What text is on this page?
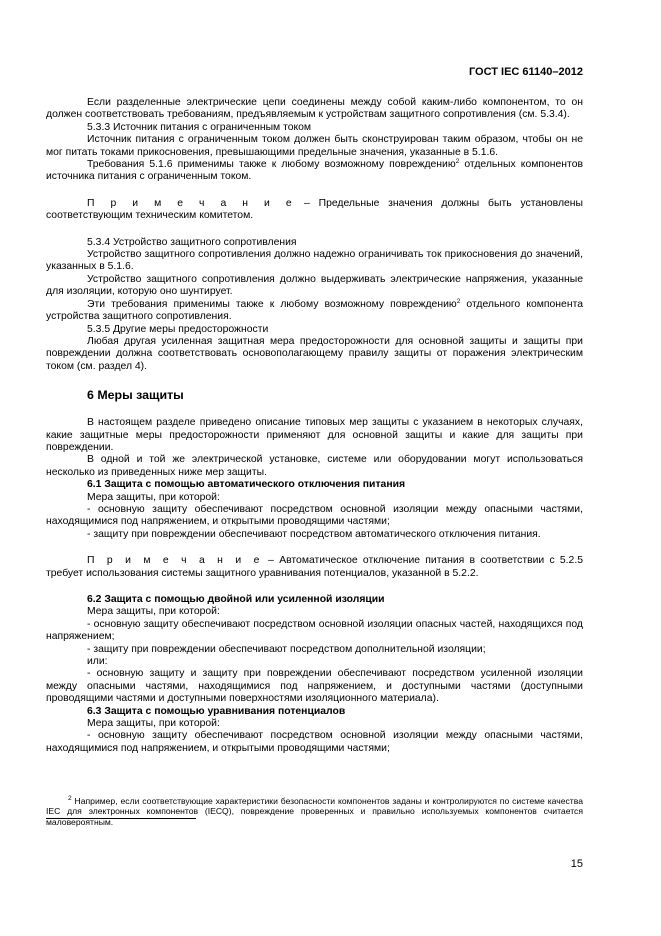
ГОСТ IEC 61140–2012

Если разделенные электрические цепи соединены между собой каким-либо компонентом, то он должен соответствовать требованиям, предъявляемым к устройствам защитного сопротивления (см. 5.3.4).

5.3.3 Источник питания с ограниченным током

Источник питания с ограниченным током должен быть сконструирован таким образом, чтобы он не мог питать токами прикосновения, превышающими предельные значения, указанные в 5.1.6.

Требования 5.1.6 применимы также к любому возможному повреждению$^2$ отдельных компонентов источника питания с ограниченным током.

П р и м е ч а н и е – Предельные значения должны быть установлены соответствующим техническим комитетом.

5.3.4 Устройство защитного сопротивления

Устройство защитного сопротивления должно надежно ограничивать ток прикосновения до значений, указанных в 5.1.6.

Устройство защитного сопротивления должно выдерживать электрические напряжения, указанные для изоляции, которую оно шунтирует.

Эти требования применимы также к любому возможному повреждению$^2$ отдельного компонента устройства защитного сопротивления.

5.3.5 Другие меры предосторожности

Любая другая усиленная защитная мера предосторожности для основной защиты и защиты при повреждении должна соответствовать основополагающему правилу защиты от поражения электрическим током (см. раздел 4).

6 Меры защиты

В настоящем разделе приведено описание типовых мер защиты с указанием в некоторых случаях, какие защитные меры предосторожности применяют для основной защиты и какие для защиты при повреждении.

В одной и той же электрической установке, системе или оборудовании могут использоваться несколько из приведенных ниже мер защиты.

6.1 Защита с помощью автоматического отключения питания

Мера защиты, при которой:

- основную защиту обеспечивают посредством основной изоляции между опасными частями, находящимися под напряжением, и открытыми проводящими частями;

- защиту при повреждении обеспечивают посредством автоматического отключения питания.

П р и м е ч а н и е – Автоматическое отключение питания в соответствии с 5.2.5 требует использования системы защитного уравнивания потенциалов, указанной в 5.2.2.

6.2 Защита с помощью двойной или усиленной изоляции

Мера защиты, при которой:

- основную защиту обеспечивают посредством основной изоляции опасных частей, находящихся под напряжением;

- защиту при повреждении обеспечивают посредством дополнительной изоляции;

или:

- основную защиту и защиту при повреждении обеспечивают посредством усиленной изоляции между опасными частями, находящимися под напряжением, и доступными частями (доступными проводящими частями и доступными поверхностями изоляционного материала).

6.3 Защита с помощью уравнивания потенциалов

Мера защиты, при которой:

- основную защиту обеспечивают посредством основной изоляции между опасными частями, находящимися под напряжением, и открытыми проводящими частями;

$^2$ Например, если соответствующие характеристики безопасности компонентов заданы и контролируются по системе качества IEC для электронных компонентов (IECQ), повреждение проверенных и правильно используемых компонентов считается маловероятным.
15
